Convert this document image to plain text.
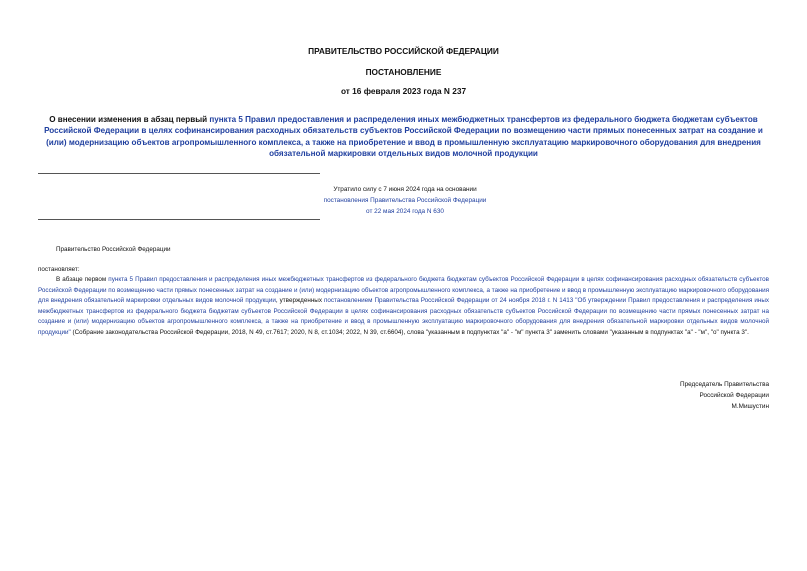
ПРАВИТЕЛЬСТВО РОССИЙСКОЙ ФЕДЕРАЦИИ
ПОСТАНОВЛЕНИЕ
от 16 февраля 2023 года N 237
О внесении изменения в абзац первый пункта 5 Правил предоставления и распределения иных межбюджетных трансфертов из федерального бюджета бюджетам субъектов Российской Федерации в целях софинансирования расходных обязательств субъектов Российской Федерации по возмещению части прямых понесенных затрат на создание и (или) модернизацию объектов агропромышленного комплекса, а также на приобретение и ввод в промышленную эксплуатацию маркировочного оборудования для внедрения обязательной маркировки отдельных видов молочной продукции
Утратило силу с 7 июня 2024 года на основании
постановления Правительства Российской Федерации
от 22 мая 2024 года N 630
Правительство Российской Федерации
постановляет:
В абзаце первом пункта 5 Правил предоставления и распределения иных межбюджетных трансфертов из федерального бюджета бюджетам субъектов Российской Федерации в целях софинансирования расходных обязательств субъектов Российской Федерации по возмещению части прямых понесенных затрат на создание и (или) модернизацию объектов агропромышленного комплекса, а также на приобретение и ввод в промышленную эксплуатацию маркировочного оборудования для внедрения обязательной маркировки отдельных видов молочной продукции, утвержденных постановлением Правительства Российской Федерации от 24 ноября 2018 г. N 1413 "Об утверждении Правил предоставления и распределения иных межбюджетных трансфертов из федерального бюджета бюджетам субъектов Российской Федерации в целях софинансирования расходных обязательств субъектов Российской Федерации по возмещению части прямых понесенных затрат на создание и (или) модернизацию объектов агропромышленного комплекса, а также на приобретение и ввод в промышленную эксплуатацию маркировочного оборудования для внедрения обязательной маркировки отдельных видов молочной продукции" (Собрание законодательства Российской Федерации, 2018, N 49, ст.7617; 2020, N 8, ст.1034; 2022, N 39, ст.6604), слова "указанным в подпунктах "а" - "м" пункта 3" заменить словами "указанным в подпунктах "а" - "м", "о" пункта 3".
Председатель Правительства
Российской Федерации
М.Мишустин
